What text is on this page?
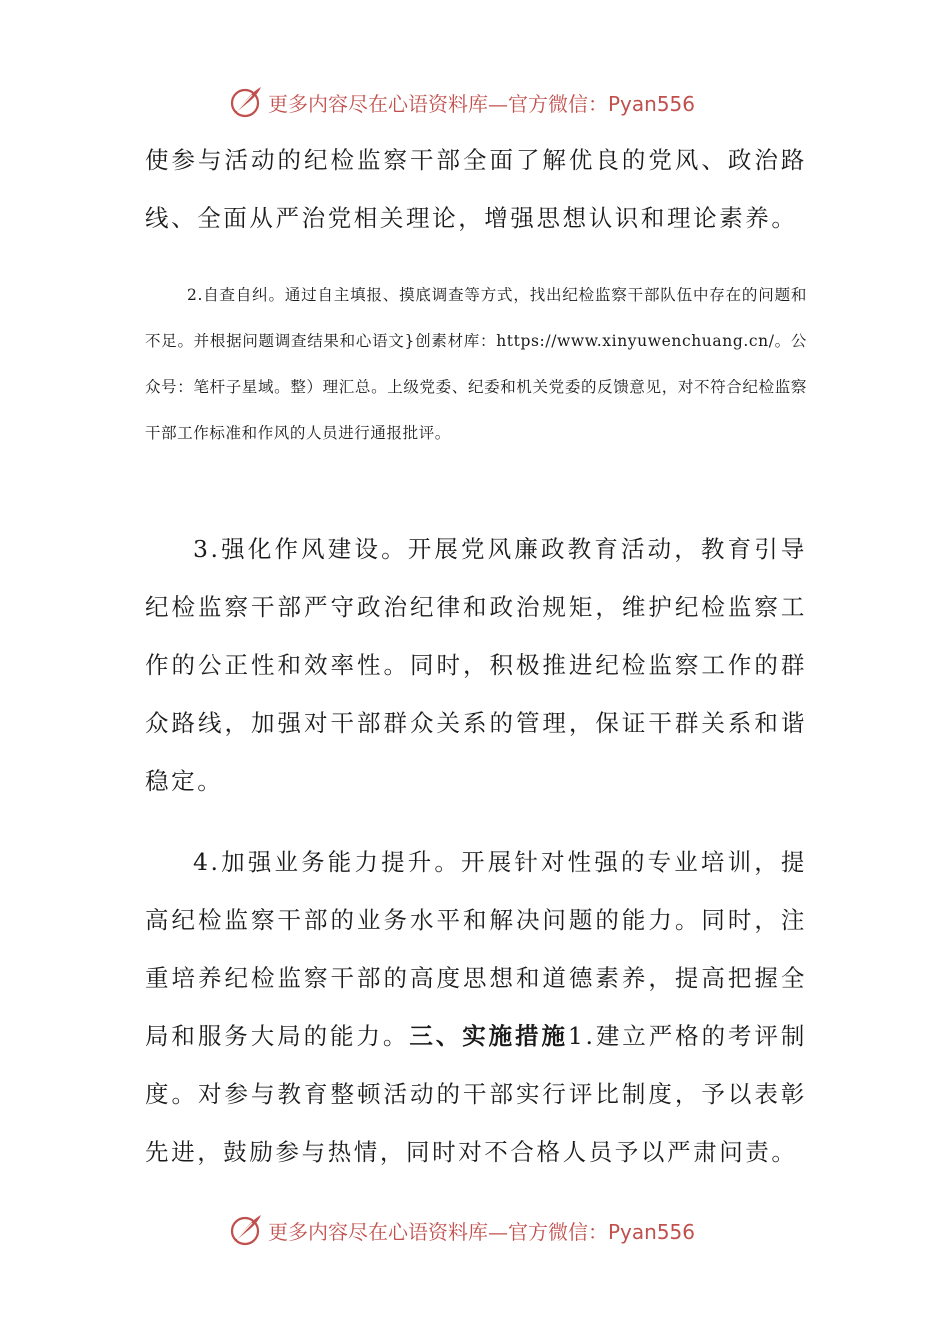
更多内容尽在心语资料库—官方微信：Pyan556

使参与活动的纪检监察干部全面了解优良的党风、政治路线、全面从严治党相关理论，增强思想认识和理论素养。

2.自查自纠。通过自主填报、摸底调查等方式，找出纪检监察干部队伍中存在的问题和不足。并根据问题调查结果和心语文}创素材库：https://www.xinyuwenchuang.cn/。公众号：笔杆子星域。整）理汇总。上级党委、纪委和机关党委的反馈意见，对不符合纪检监察干部工作标准和作风的人员进行通报批评。

3.强化作风建设。开展党风廉政教育活动，教育引导纪检监察干部严守政治纪律和政治规矩，维护纪检监察工作的公正性和效率性。同时，积极推进纪检监察工作的群众路线，加强对干部群众关系的管理，保证干群关系和谐稳定。

4.加强业务能力提升。开展针对性强的专业培训，提高纪检监察干部的业务水平和解决问题的能力。同时，注重培养纪检监察干部的高度思想和道德素养，提高把握全局和服务大局的能力。三、实施措施1.建立严格的考评制度。对参与教育整顿活动的干部实行评比制度，予以表彰先进，鼓励参与热情，同时对不合格人员予以严肃问责。

更多内容尽在心语资料库—官方微信：Pyan556
